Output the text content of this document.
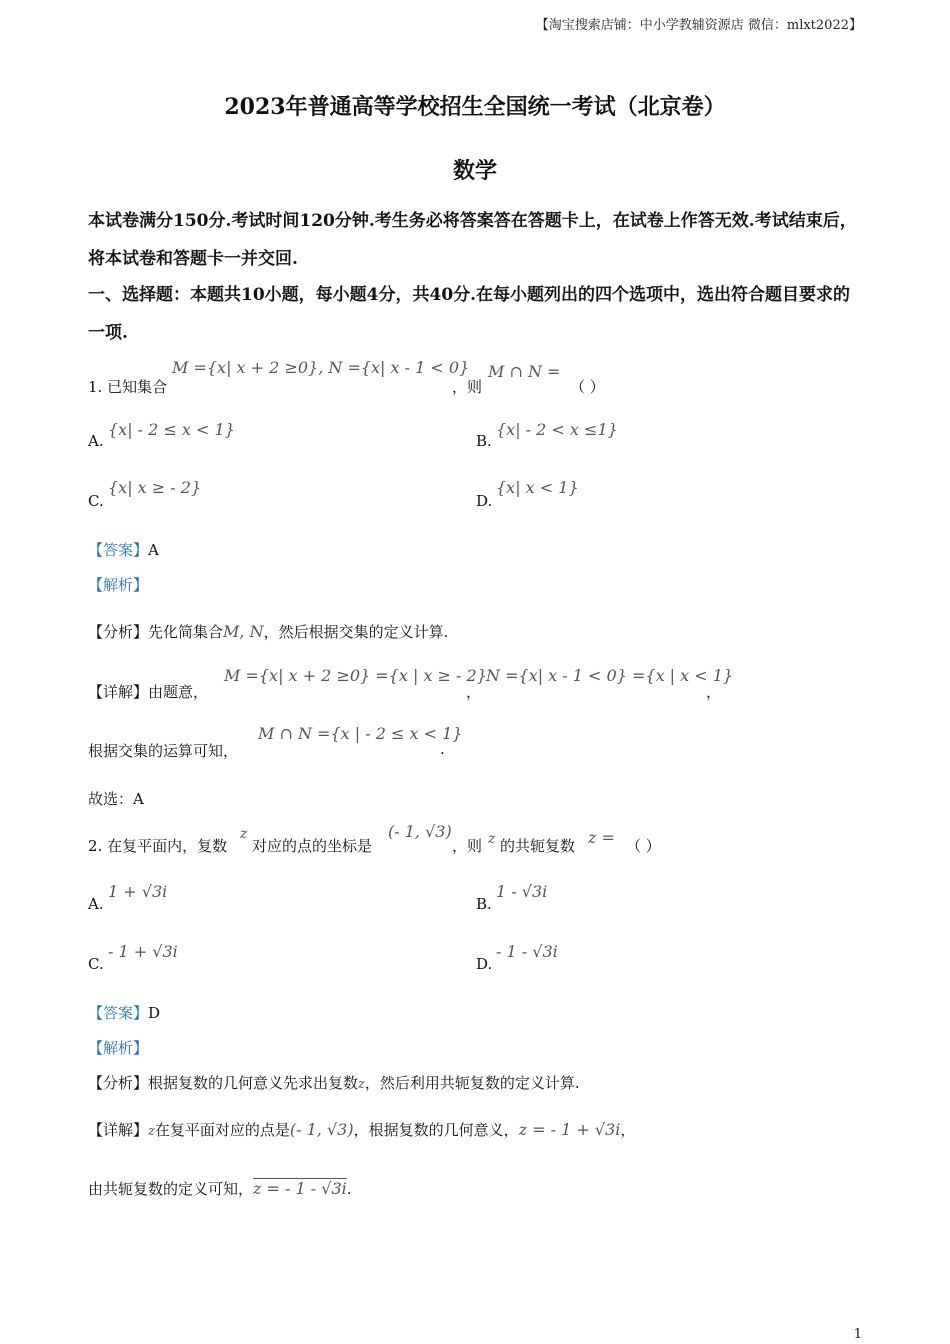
【淘宝搜索店铺：中小学教辅资源店 微信：mlxt2022】
2023年普通高等学校招生全国统一考试（北京卷）
数学
本试卷满分150分.考试时间120分钟.考生务必将答案答在答题卡上，在试卷上作答无效.考试结束后，将本试卷和答题卡一并交回.
一、选择题：本题共10小题，每小题4分，共40分.在每小题列出的四个选项中，选出符合题目要求的一项.
1. 已知集合
M ={x| x + 2 ≥0}, N ={x| x - 1 < 0}
，则
M ∩ N =
（ ）
A.
{x| - 2 ≤ x < 1}
B.
{x| - 2 < x ≤1}
C.
{x| x ≥ - 2}
D.
{x| x < 1}
【答案】A
【解析】
【分析】先化简集合M, N，然后根据交集的定义计算.
【详解】由题意，
M ={x| x + 2 ≥0} ={x | x ≥ - 2}
，
N ={x| x - 1 < 0} ={x | x < 1}
，
根据交集的运算可知，
M ∩ N ={x | - 2 ≤ x < 1}
.
故选：A
2. 在复平面内，复数
z
对应的点的坐标是
(- 1, √3)
，则 z 的共轭复数 z = （ ）
A.
1 + √3i
B.
1 - √3i
C.
- 1 + √3i
D.
- 1 - √3i
【答案】D
【解析】
【分析】根据复数的几何意义先求出复数z，然后利用共轭复数的定义计算.
【详解】z在复平面对应的点是(- 1, √3)，根据复数的几何意义，z = - 1 + √3i，
由共轭复数的定义可知，z = - 1 - √3i.
1
